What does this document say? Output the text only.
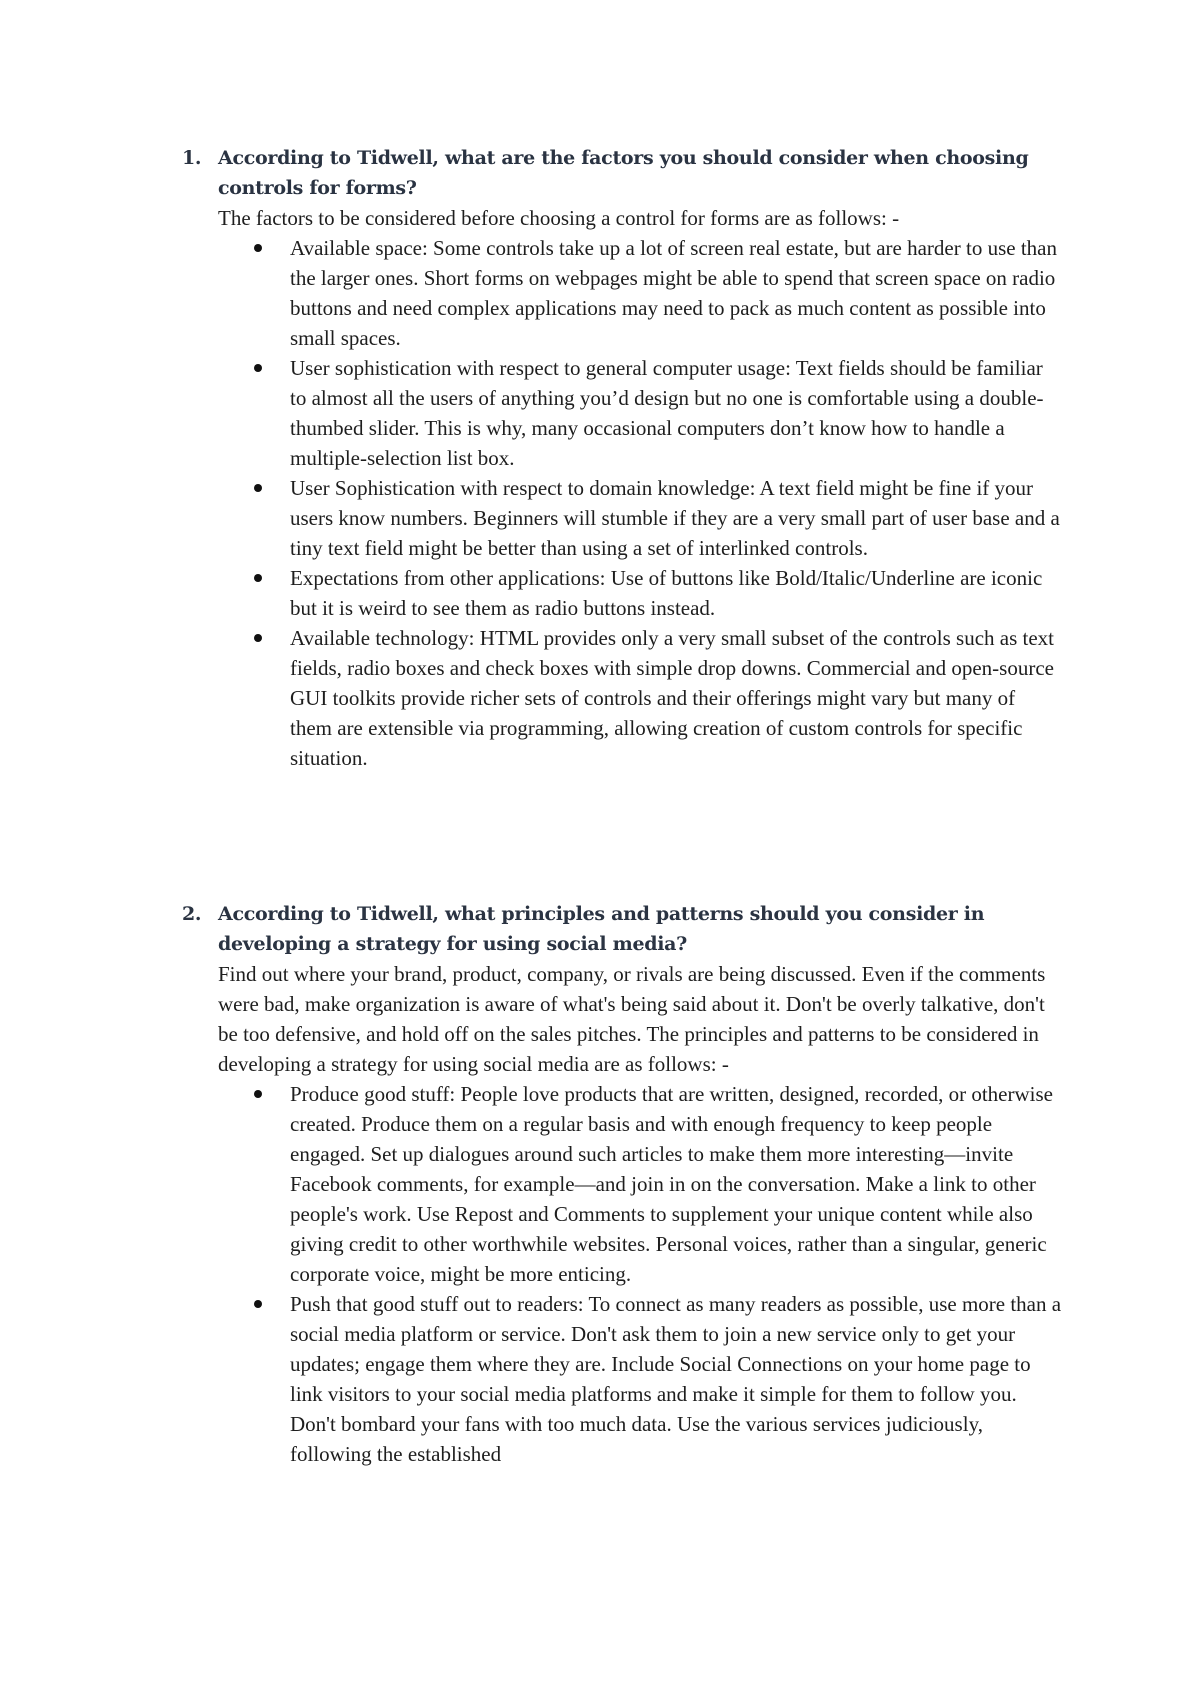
1. According to Tidwell, what are the factors you should consider when choosing controls for forms?
The factors to be considered before choosing a control for forms are as follows: -
Available space: Some controls take up a lot of screen real estate, but are harder to use than the larger ones. Short forms on webpages might be able to spend that screen space on radio buttons and need complex applications may need to pack as much content as possible into small spaces.
User sophistication with respect to general computer usage: Text fields should be familiar to almost all the users of anything you’d design but no one is comfortable using a double-thumbed slider. This is why, many occasional computers don’t know how to handle a multiple-selection list box.
User Sophistication with respect to domain knowledge: A text field might be fine if your users know numbers. Beginners will stumble if they are a very small part of user base and a tiny text field might be better than using a set of interlinked controls.
Expectations from other applications: Use of buttons like Bold/Italic/Underline are iconic but it is weird to see them as radio buttons instead.
Available technology: HTML provides only a very small subset of the controls such as text fields, radio boxes and check boxes with simple drop downs. Commercial and open-source GUI toolkits provide richer sets of controls and their offerings might vary but many of them are extensible via programming, allowing creation of custom controls for specific situation.
2. According to Tidwell, what principles and patterns should you consider in developing a strategy for using social media?
Find out where your brand, product, company, or rivals are being discussed. Even if the comments were bad, make organization is aware of what's being said about it. Don't be overly talkative, don't be too defensive, and hold off on the sales pitches. The principles and patterns to be considered in developing a strategy for using social media are as follows: -
Produce good stuff: People love products that are written, designed, recorded, or otherwise created. Produce them on a regular basis and with enough frequency to keep people engaged. Set up dialogues around such articles to make them more interesting—invite Facebook comments, for example—and join in on the conversation. Make a link to other people's work. Use Repost and Comments to supplement your unique content while also giving credit to other worthwhile websites. Personal voices, rather than a singular, generic corporate voice, might be more enticing.
Push that good stuff out to readers: To connect as many readers as possible, use more than a social media platform or service. Don't ask them to join a new service only to get your updates; engage them where they are. Include Social Connections on your home page to link visitors to your social media platforms and make it simple for them to follow you. Don't bombard your fans with too much data. Use the various services judiciously, following the established
